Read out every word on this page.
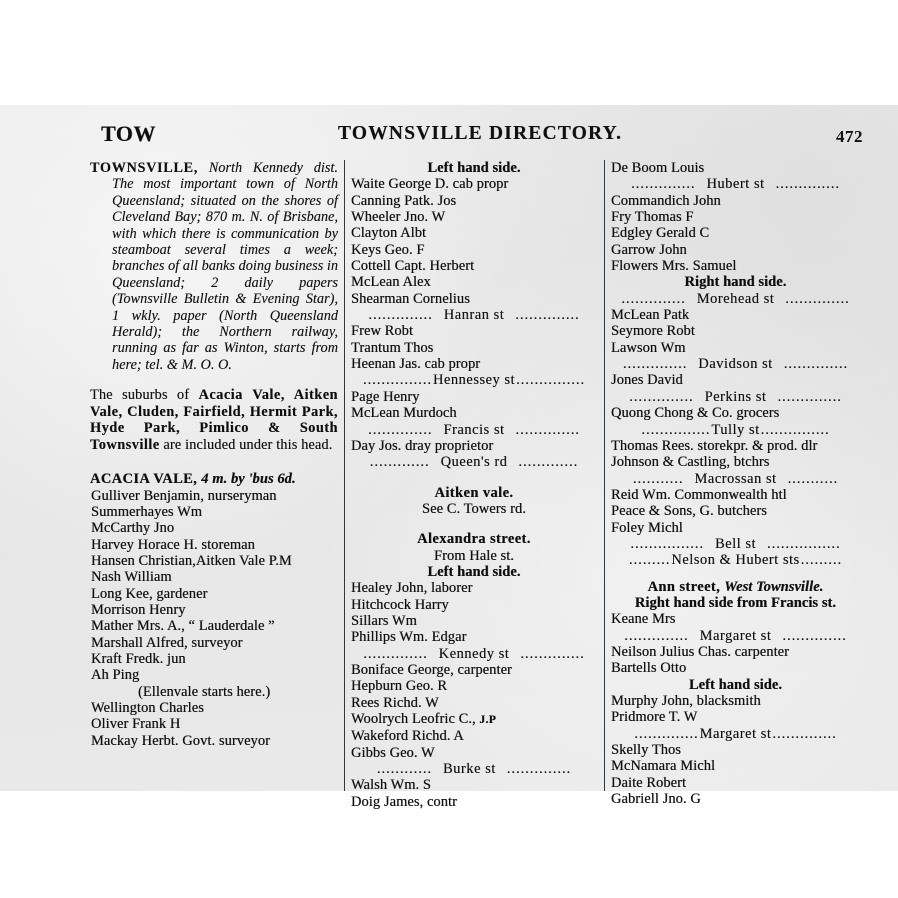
TOW	TOWNSVILLE DIRECTORY.	472
TOWNSVILLE, North Kennedy dist. The most important town of North Queensland; situated on the shores of Cleveland Bay; 870 m. N. of Brisbane, with which there is communication by steamboat several times a week; branches of all banks doing business in Queensland; 2 daily papers (Townsville Bulletin & Evening Star), 1 wkly. paper (North Queensland Herald); the Northern railway, running as far as Winton, starts from here; tel. & M. O. O.
The suburbs of Acacia Vale, Aitken Vale, Cluden, Fairfield, Hermit Park, Hyde Park, Pimlico & South Townsville are included under this head.
ACACIA VALE, 4 m. by 'bus 6d.
Gulliver Benjamin, nurseryman
Summerhayes Wm
McCarthy Jno
Harvey Horace H. storeman
Hansen Christian,Aitken Vale P.M
Nash William
Long Kee, gardener
Morrison Henry
Mather Mrs. A., “ Lauderdale ”
Marshall Alfred, surveyor
Kraft Fredk. jun
Ah Ping
(Ellenvale starts here.)
Wellington Charles
Oliver Frank H
Mackay Herbt. Govt. surveyor
Left hand side.
Waite George D. cab propr
Canning Patk. Jos
Wheeler Jno. W
Clayton Albt
Keys Geo. F
Cottell Capt. Herbert
McLean Alex
Shearman Cornelius
.............. Hanran st ..............
Frew Robt
Trantum Thos
Heenan Jas. cab propr
............... Hennessey st ...............
Page Henry
McLean Murdoch
.............. Francis st ..............
Day Jos. dray proprietor
............. Queen's rd .............
Aitken vale.
See C. Towers rd.
Alexandra street.
From Hale st.
Left hand side.
Healey John, laborer
Hitchcock Harry
Sillars Wm
Phillips Wm. Edgar
.............. Kennedy st ..............
Boniface George, carpenter
Hepburn Geo. R
Rees Richd. W
Woolrych Leofric C., J.P
Wakeford Richd. A
Gibbs Geo. W
............ Burke st ..............
Walsh Wm. S
Doig James, contr
De Boom Louis
.............. Hubert st ..............
Commandich John
Fry Thomas F
Edgley Gerald C
Garrow John
Flowers Mrs. Samuel
Right hand side.
.............. Morehead st ..............
McLean Patk
Seymore Robt
Lawson Wm
.............. Davidson st ..............
Jones David
.............. Perkins st ..............
Quong Chong & Co. grocers
............... Tully st ...............
Thomas Rees. storekpr. & prod. dlr
Johnson & Castling, btchrs
........... Macrossan st ...........
Reid Wm. Commonwealth htl
Peace & Sons, G. butchers
Foley Michl
................ Bell st ................
......... Nelson & Hubert sts .........
Ann street, West Townsville.
Right hand side from Francis st.
Keane Mrs
.............. Margaret st ..............
Neilson Julius Chas. carpenter
Bartells Otto
Left hand side.
Murphy John, blacksmith
Pridmore T. W
.............. Margaret st ..............
Skelly Thos
McNamara Michl
Daite Robert
Gabriell Jno. G
